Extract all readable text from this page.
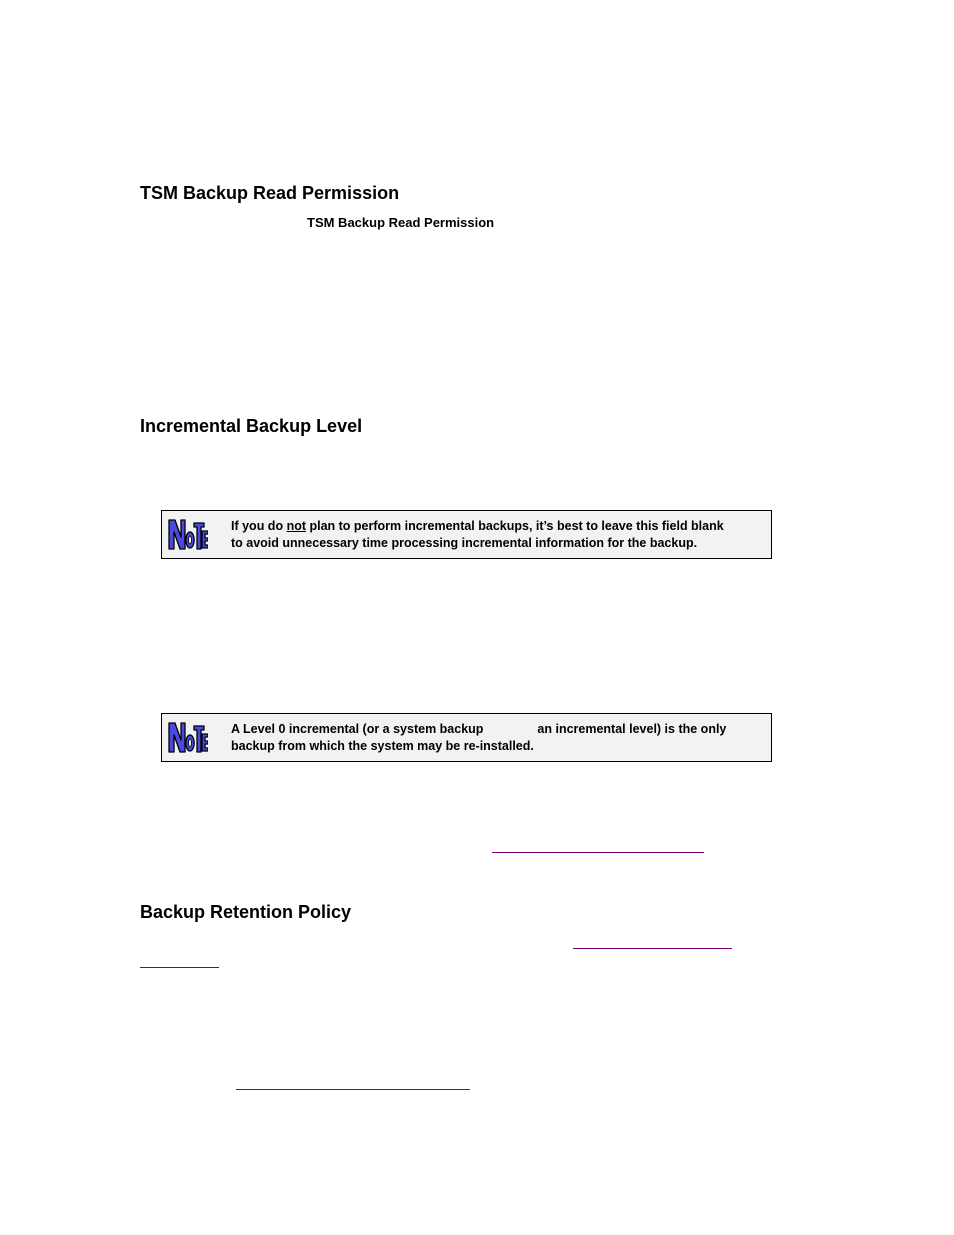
TSM Backup Read Permission
TSM Backup Read Permission
Incremental Backup Level
If you do not plan to perform incremental backups, it’s best to leave this field blank
to avoid unnecessary time processing incremental information for the backup.
A Level 0 incremental (or a system backup	an incremental level) is the only
backup from which the system may be re-installed.
Backup Retention Policy
